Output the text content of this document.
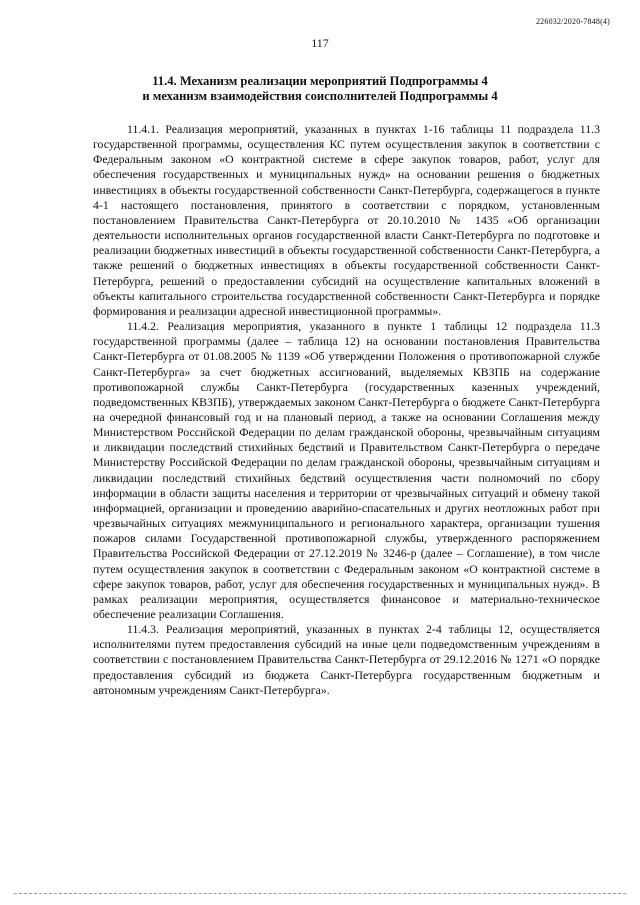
226032/2020-7848(4)
117
11.4. Механизм реализации мероприятий Подпрограммы 4
и механизм взаимодействия соисполнителей Подпрограммы 4

11.4.1. Реализация мероприятий, указанных в пунктах 1-16 таблицы 11 подраздела 11.3 государственной программы, осуществления КС путем осуществления закупок в соответствии с Федеральным законом «О контрактной системе в сфере закупок товаров, работ, услуг для обеспечения государственных и муниципальных нужд» на основании решения о бюджетных инвестициях в объекты государственной собственности Санкт-Петербурга, содержащегося в пункте 4-1 настоящего постановления, принятого в соответствии с порядком, установленным постановлением Правительства Санкт-Петербурга от 20.10.2010 № 1435 «Об организации деятельности исполнительных органов государственной власти Санкт-Петербурга по подготовке и реализации бюджетных инвестиций в объекты государственной собственности Санкт-Петербурга, а также решений о бюджетных инвестициях в объекты государственной собственности Санкт-Петербурга, решений о предоставлении субсидий на осуществление капитальных вложений в объекты капитального строительства государственной собственности Санкт-Петербурга и порядке формирования и реализации адресной инвестиционной программы».

11.4.2. Реализация мероприятия, указанного в пункте 1 таблицы 12 подраздела 11.3 государственной программы (далее – таблица 12) на основании постановления Правительства Санкт-Петербурга от 01.08.2005 № 1139 «Об утверждении Положения о противопожарной службе Санкт-Петербурга» за счет бюджетных ассигнований, выделяемых КВЗПБ на содержание противопожарной службы Санкт-Петербурга (государственных казенных учреждений, подведомственных КВЗПБ), утверждаемых законом Санкт-Петербурга о бюджете Санкт-Петербурга на очередной финансовый год и на плановый период, а также на основании Соглашения между Министерством Российской Федерации по делам гражданской обороны, чрезвычайным ситуациям и ликвидации последствий стихийных бедствий и Правительством Санкт-Петербурга о передаче Министерству Российской Федерации по делам гражданской обороны, чрезвычайным ситуациям и ликвидации последствий стихийных бедствий осуществления части полномочий по сбору информации в области защиты населения и территории от чрезвычайных ситуаций и обмену такой информацией, организации и проведению аварийно-спасательных и других неотложных работ при чрезвычайных ситуациях межмуниципального и регионального характера, организации тушения пожаров силами Государственной противопожарной службы, утвержденного распоряжением Правительства Российской Федерации от 27.12.2019 № 3246-р (далее – Соглашение), в том числе путем осуществления закупок в соответствии с Федеральным законом «О контрактной системе в сфере закупок товаров, работ, услуг для обеспечения государственных и муниципальных нужд». В рамках реализации мероприятия, осуществляется финансовое и материально-техническое обеспечение реализации Соглашения.

11.4.3. Реализация мероприятий, указанных в пунктах 2-4 таблицы 12, осуществляется исполнителями путем предоставления субсидий на иные цели подведомственным учреждениям в соответствии с постановлением Правительства Санкт-Петербурга от 29.12.2016 № 1271 «О порядке предоставления субсидий из бюджета Санкт-Петербурга государственным бюджетным и автономным учреждениям Санкт-Петербурга».
